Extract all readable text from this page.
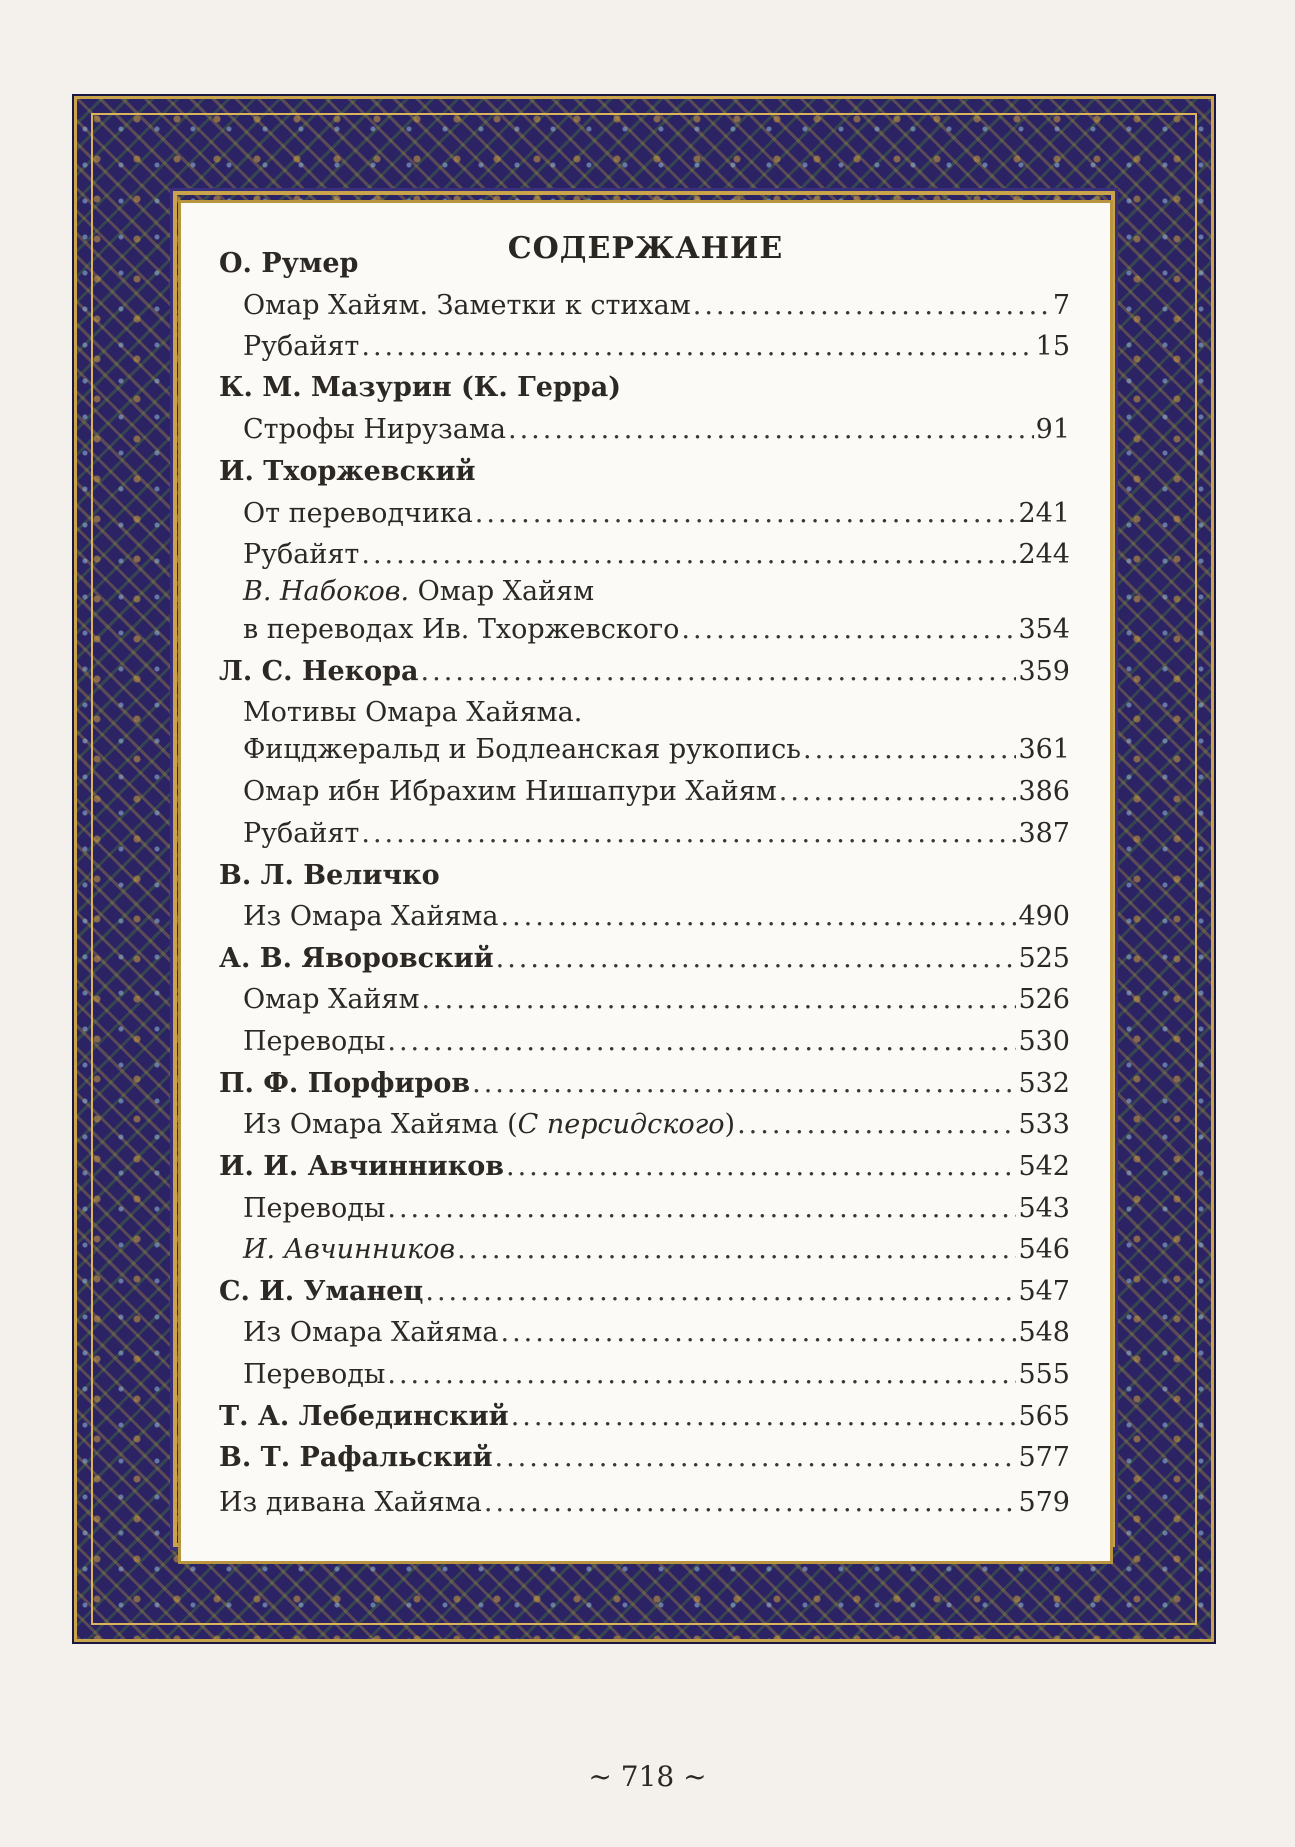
СОДЕРЖАНИЕ
О. Румер
Омар Хайям. Заметки к стихам .....	7
Рубайят .....	15
К. М. Мазурин (К. Герра)
Строфы Нирузама .....	91
И. Тхоржевский
От переводчика .....	241
Рубайят .....	244
В. Набоков. Омар Хайям
в переводах Ив. Тхоржевского .....	354
Л. С. Некора .....	359
Мотивы Омара Хайяма.
Фицджеральд и Бодлеанская рукопись .....	361
Омар ибн Ибрахим Нишапури Хайям .....	386
Рубайят .....	387
В. Л. Величко
Из Омара Хайяма .....	490
А. В. Яворовский .....	525
Омар Хайям .....	526
Переводы .....	530
П. Ф. Порфиров .....	532
Из Омара Хайяма (С персидского) .....	533
И. И. Авчинников .....	542
Переводы .....	543
И. Авчинников .....	546
С. И. Уманец .....	547
Из Омара Хайяма .....	548
Переводы .....	555
Т. А. Лебединский .....	565
В. Т. Рафальский .....	577
Из дивана Хайяма .....	579
~ 718 ~
